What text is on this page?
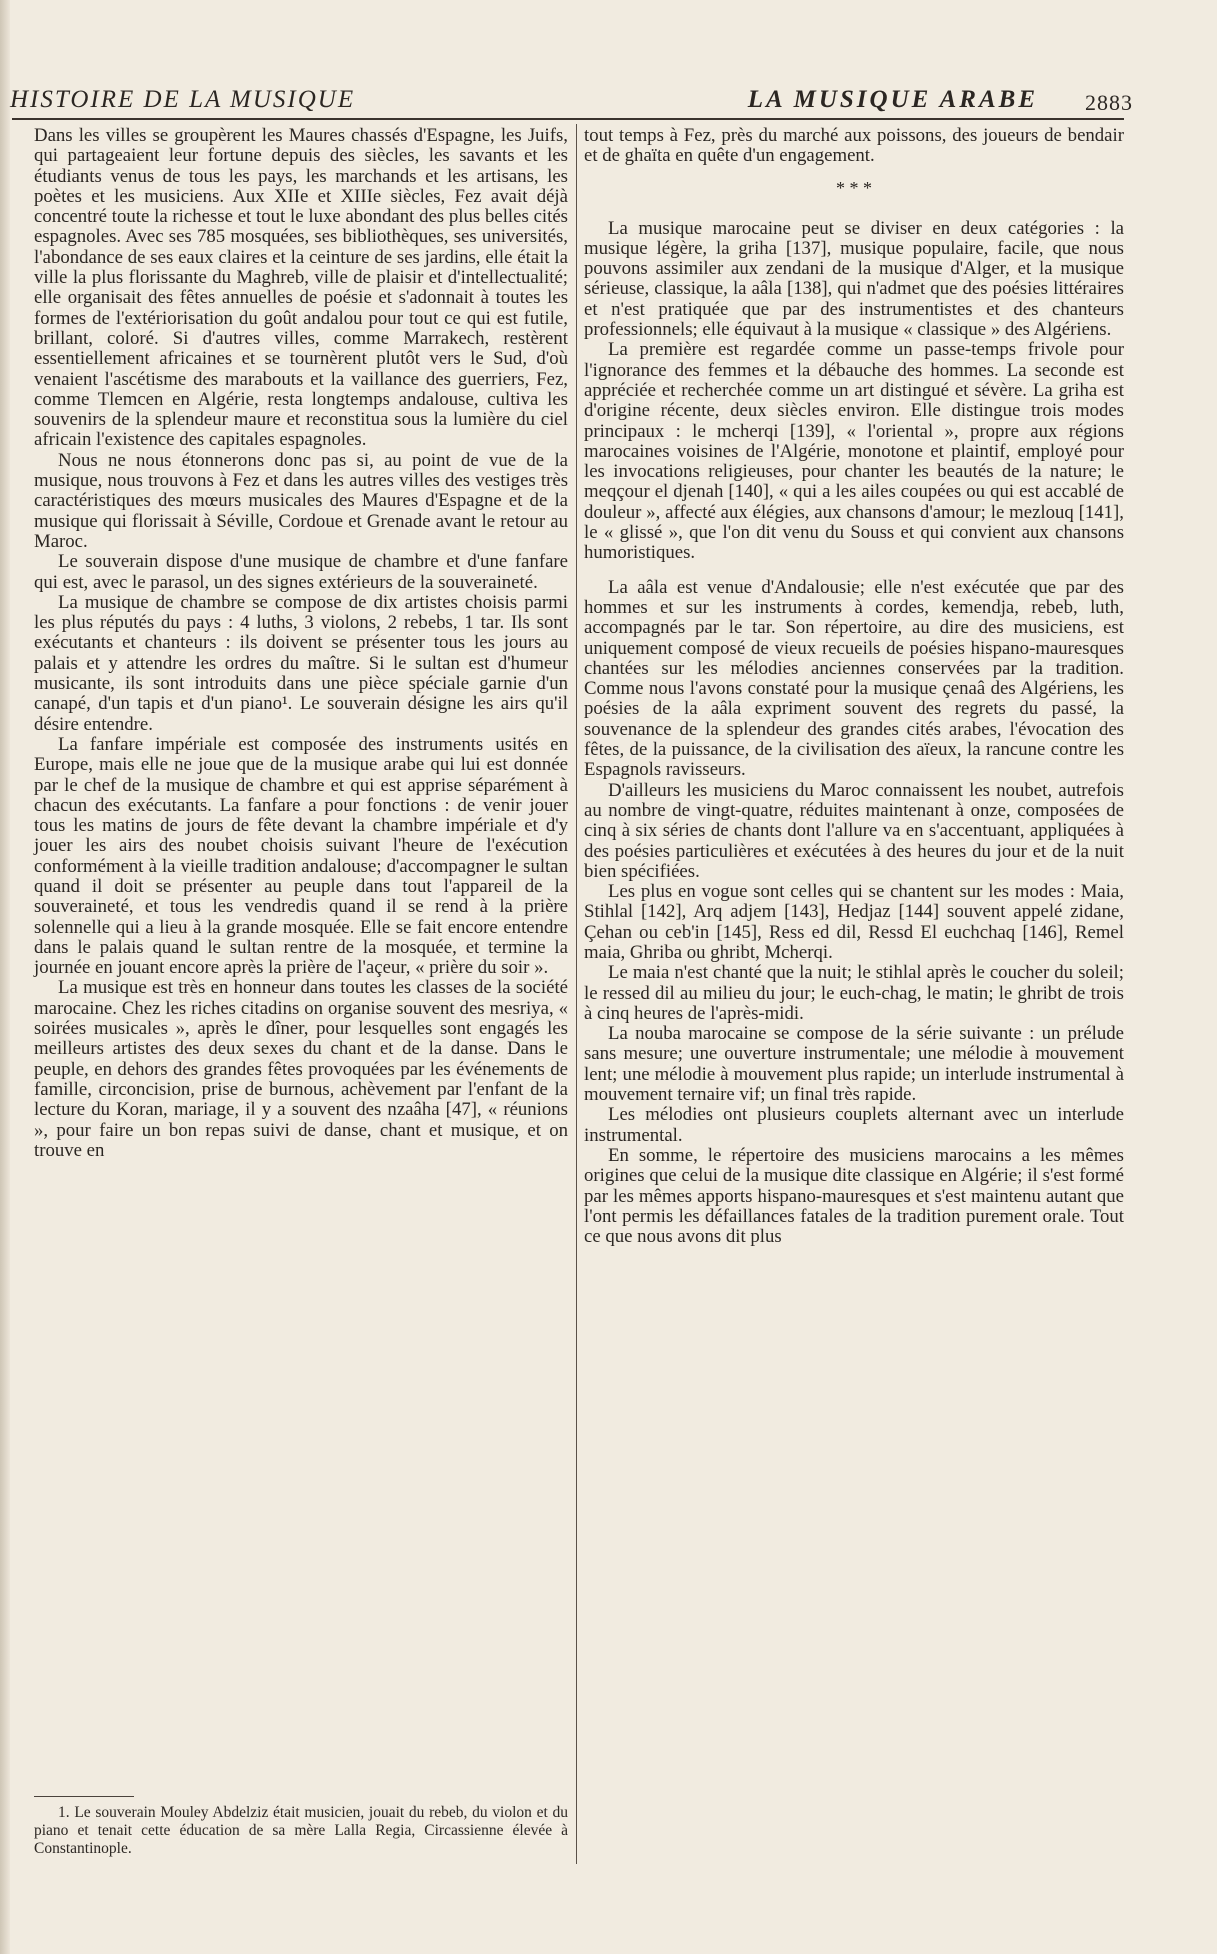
HISTOIRE DE LA MUSIQUE	LA MUSIQUE ARABE 2883

Dans les villes se groupèrent les Maures chassés d'Espagne, les Juifs, qui partageaient leur fortune depuis des siècles, les savants et les étudiants venus de tous les pays, les marchands et les artisans, les poètes et les musiciens. Aux XIIe et XIIIe siècles, Fez avait déjà concentré toute la richesse et tout le luxe abondant des plus belles cités espagnoles. Avec ses 785 mosquées, ses bibliothèques, ses universités, l'abondance de ses eaux claires et la ceinture de ses jardins, elle était la ville la plus florissante du Maghreb, ville de plaisir et d'intellectualité; elle organisait des fêtes annuelles de poésie et s'adonnait à toutes les formes de l'extériorisation du goût andalou pour tout ce qui est futile, brillant, coloré. Si d'autres villes, comme Marrakech, restèrent essentiellement africaines et se tournèrent plutôt vers le Sud, d'où venaient l'ascétisme des marabouts et la vaillance des guerriers, Fez, comme Tlemcen en Algérie, resta longtemps andalouse, cultiva les souvenirs de la splendeur maure et reconstitua sous la lumière du ciel africain l'existence des capitales espagnoles.

Nous ne nous étonnerons donc pas si, au point de vue de la musique, nous trouvons à Fez et dans les autres villes des vestiges très caractéristiques des mœurs musicales des Maures d'Espagne et de la musique qui florissait à Séville, Cordoue et Grenade avant le retour au Maroc.

Le souverain dispose d'une musique de chambre et d'une fanfare qui est, avec le parasol, un des signes extérieurs de la souveraineté.

La musique de chambre se compose de dix artistes choisis parmi les plus réputés du pays : 4 luths, 3 violons, 2 rebebs, 1 tar. Ils sont exécutants et chanteurs : ils doivent se présenter tous les jours au palais et y attendre les ordres du maître. Si le sultan est d'humeur musicante, ils sont introduits dans une pièce spéciale garnie d'un canapé, d'un tapis et d'un piano¹. Le souverain désigne les airs qu'il désire entendre.

La fanfare impériale est composée des instruments usités en Europe, mais elle ne joue que de la musique arabe qui lui est donnée par le chef de la musique de chambre et qui est apprise séparément à chacun des exécutants. La fanfare a pour fonctions : de venir jouer tous les matins de jours de fête devant la chambre impériale et d'y jouer les airs des noubet choisis suivant l'heure de l'exécution conformément à la vieille tradition andalouse; d'accompagner le sultan quand il doit se présenter au peuple dans tout l'appareil de la souveraineté, et tous les vendredis quand il se rend à la prière solennelle qui a lieu à la grande mosquée. Elle se fait encore entendre dans le palais quand le sultan rentre de la mosquée, et termine la journée en jouant encore après la prière de l'açeur, « prière du soir ».

La musique est très en honneur dans toutes les classes de la société marocaine. Chez les riches citadins on organise souvent des mesriya, « soirées musicales », après le dîner, pour lesquelles sont engagés les meilleurs artistes des deux sexes du chant et de la danse. Dans le peuple, en dehors des grandes fêtes provoquées par les événements de famille, circoncision, prise de burnous, achèvement par l'enfant de la lecture du Koran, mariage, il y a souvent des nzaâha [47], « réunions », pour faire un bon repas suivi de danse, chant et musique, et on trouve en

1. Le souverain Mouley Abdelziz était musicien, jouait du rebeb, du violon et du piano et tenait cette éducation de sa mère Lalla Regia, Circassienne élevée à Constantinople.

tout temps à Fez, près du marché aux poissons, des joueurs de bendair et de ghaïta en quête d'un engagement.

* * *

La musique marocaine peut se diviser en deux catégories : la musique légère, la griha [137], musique populaire, facile, que nous pouvons assimiler aux zendani de la musique d'Alger, et la musique sérieuse, classique, la aâla [138], qui n'admet que des poésies littéraires et n'est pratiquée que par des instrumentistes et des chanteurs professionnels; elle équivaut à la musique « classique » des Algériens.

La première est regardée comme un passe-temps frivole pour l'ignorance des femmes et la débauche des hommes. La seconde est appréciée et recherchée comme un art distingué et sévère. La griha est d'origine récente, deux siècles environ. Elle distingue trois modes principaux : le mcherqi [139], « l'oriental », propre aux régions marocaines voisines de l'Algérie, monotone et plaintif, employé pour les invocations religieuses, pour chanter les beautés de la nature; le meqçour el djenah [140], « qui a les ailes coupées ou qui est accablé de douleur », affecté aux élégies, aux chansons d'amour; le mezlouq [141], le « glissé », que l'on dit venu du Souss et qui convient aux chansons humoristiques.

La aâla est venue d'Andalousie; elle n'est exécutée que par des hommes et sur les instruments à cordes, kemendja, rebeb, luth, accompagnés par le tar. Son répertoire, au dire des musiciens, est uniquement composé de vieux recueils de poésies hispano-mauresques chantées sur les mélodies anciennes conservées par la tradition. Comme nous l'avons constaté pour la musique çenaâ des Algériens, les poésies de la aâla expriment souvent des regrets du passé, la souvenance de la splendeur des grandes cités arabes, l'évocation des fêtes, de la puissance, de la civilisation des aïeux, la rancune contre les Espagnols ravisseurs.

D'ailleurs les musiciens du Maroc connaissent les noubet, autrefois au nombre de vingt-quatre, réduites maintenant à onze, composées de cinq à six séries de chants dont l'allure va en s'accentuant, appliquées à des poésies particulières et exécutées à des heures du jour et de la nuit bien spécifiées.

Les plus en vogue sont celles qui se chantent sur les modes : Maia, Stihlal [142], Arq adjem [143], Hedjaz [144] souvent appelé zidane, Çehan ou ceb'in [145], Ress ed dil, Ressd El euchchaq [146], Remel maia, Ghriba ou ghribt, Mcherqi.

Le maia n'est chanté que la nuit; le stihlal après le coucher du soleil; le ressed dil au milieu du jour; le euch-chag, le matin; le ghribt de trois à cinq heures de l'après-midi.

La nouba marocaine se compose de la série suivante : un prélude sans mesure; une ouverture instrumentale; une mélodie à mouvement lent; une mélodie à mouvement plus rapide; un interlude instrumental à mouvement ternaire vif; un final très rapide.

Les mélodies ont plusieurs couplets alternant avec un interlude instrumental.

En somme, le répertoire des musiciens marocains a les mêmes origines que celui de la musique dite classique en Algérie; il s'est formé par les mêmes apports hispano-mauresques et s'est maintenu autant que l'ont permis les défaillances fatales de la tradition purement orale. Tout ce que nous avons dit plus
